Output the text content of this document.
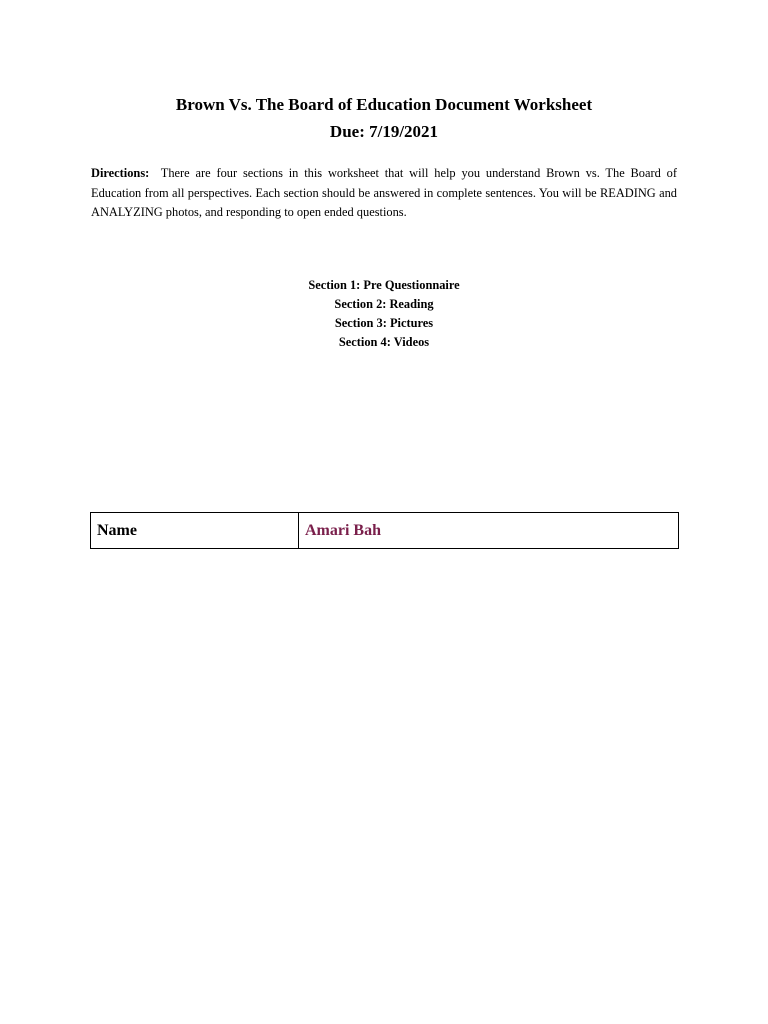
Brown Vs. The Board of Education Document Worksheet
Due: 7/19/2021

Directions: There are four sections in this worksheet that will help you understand Brown vs. The Board of Education from all perspectives. Each section should be answered in complete sentences. You will be READING and ANALYZING photos, and responding to open ended questions.

Section 1: Pre Questionnaire
Section 2: Reading
Section 3: Pictures
Section 4: Videos
Name	Amari Bah
